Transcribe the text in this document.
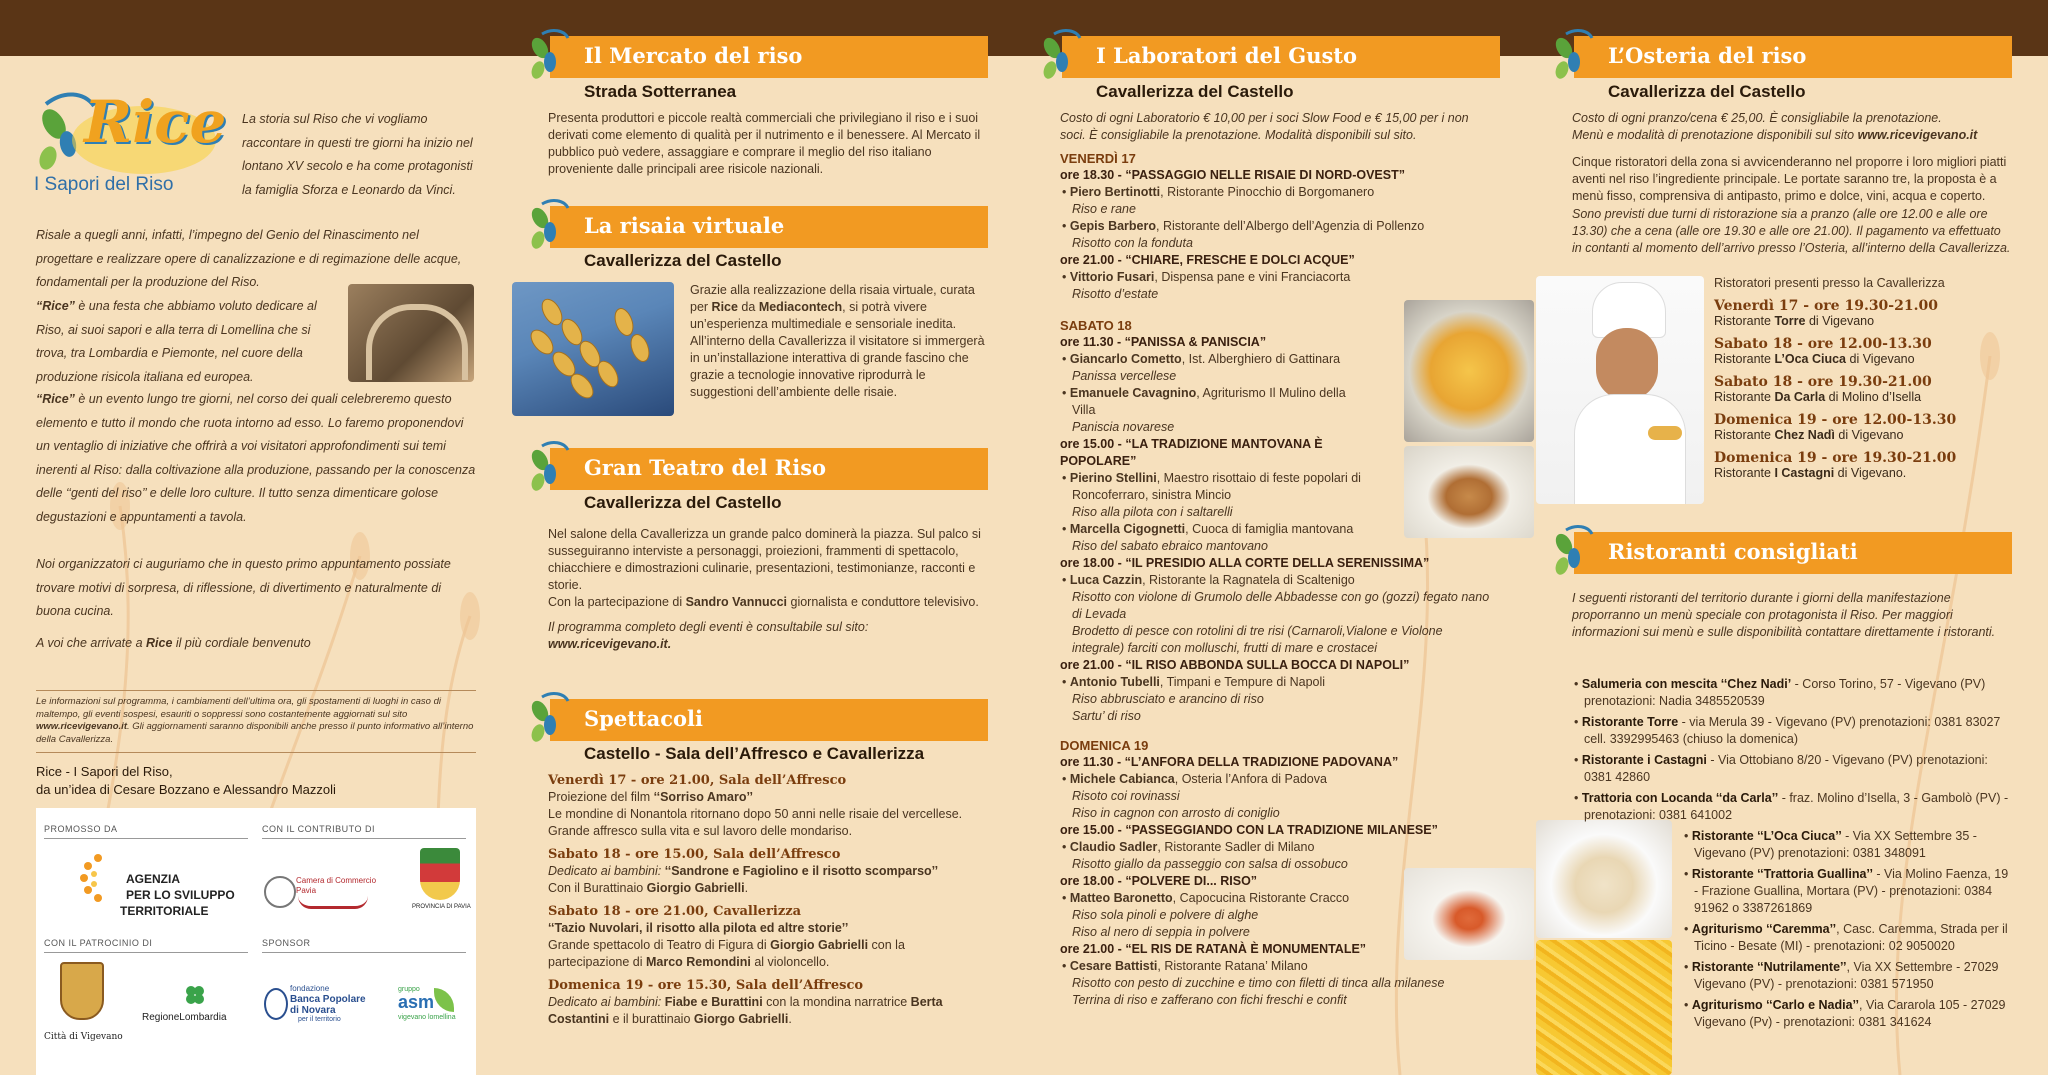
Rice
I Sapori del Riso
La storia sul Riso che vi vogliamo raccontare in questi tre giorni ha inizio nel lontano XV secolo e ha come protagonisti la famiglia Sforza e Leonardo da Vinci.
Risale a quegli anni, infatti, l’impegno del Genio del Rinascimento nel progettare e realizzare opere di canalizzazione e di regimazione delle acque, fondamentali per la produzione del Riso.
“Rice” è una festa che abbiamo voluto dedicare al Riso, ai suoi sapori e alla terra di Lomellina che si trova, tra Lombardia e Piemonte, nel cuore della produzione risicola italiana ed europea.
“Rice” è un evento lungo tre giorni, nel corso dei quali celebreremo questo elemento e tutto il mondo che ruota intorno ad esso. Lo faremo proponendovi un ventaglio di iniziative che offrirà a voi visitatori approfondimenti sui temi inerenti al Riso: dalla coltivazione alla produzione, passando per la conoscenza delle ‘‘genti del riso’’ e delle loro culture. Il tutto senza dimenticare golose degustazioni e appuntamenti a tavola.
Noi organizzatori ci auguriamo che in questo primo appuntamento possiate trovare motivi di sorpresa, di riflessione, di divertimento e naturalmente di buona cucina.
A voi che arrivate a Rice il più cordiale benvenuto
Le informazioni sul programma, i cambiamenti dell’ultima ora, gli spostamenti di luoghi in caso di maltempo, gli eventi sospesi, esauriti o soppressi sono costantemente aggiornati sul sito www.ricevigevano.it. Gli aggiornamenti saranno disponibili anche presso il punto informativo all’interno della Cavallerizza.
Rice - I Sapori del Riso,
da un’idea di Cesare Bozzano e Alessandro Mazzoli
PROMOSSO DA	CON IL CONTRIBUTO DI
AGENZIA
PER LO SVILUPPO
TERRITORIALE
Camera di Commercio
Pavia
PROVINCIA DI PAVIA
CON IL PATROCINIO DI	SPONSOR
Città di Vigevano
RegioneLombardia
fondazione
Banca Popolare
di Novara
per il territorio
gruppo
asm
vigevano lomellina
Il Mercato del riso
Strada Sotterranea
Presenta produttori e piccole realtà commerciali che privilegiano il riso e i suoi derivati come elemento di qualità per il nutrimento e il benessere. Al Mercato il pubblico può vedere, assaggiare e comprare il meglio del riso italiano proveniente dalle principali aree risicole nazionali.
La risaia virtuale
Cavallerizza del Castello
Grazie alla realizzazione della risaia virtuale, curata per Rice da Mediacontech, si potrà vivere un’esperienza multimediale e sensoriale inedita. All’interno della Cavallerizza il visitatore si immergerà in un’installazione interattiva di grande fascino che grazie a tecnologie innovative riprodurrà le suggestioni dell’ambiente delle risaie.
Gran Teatro del Riso
Cavallerizza del Castello
Nel salone della Cavallerizza un grande palco dominerà la piazza. Sul palco si susseguiranno interviste a personaggi, proiezioni, frammenti di spettacolo, chiacchiere e dimostrazioni culinarie, presentazioni, testimonianze, racconti e storie.
Con la partecipazione di Sandro Vannucci giornalista e conduttore televisivo.
Il programma completo degli eventi è consultabile sul sito:
www.ricevigevano.it.
Spettacoli
Castello - Sala dell’Affresco e Cavallerizza
Venerdì 17 - ore 21.00, Sala dell’Affresco
Proiezione del film ‘‘Sorriso Amaro’’
Le mondine di Nonantola ritornano dopo 50 anni nelle risaie del vercellese. Grande affresco sulla vita e sul lavoro delle mondariso.
Sabato 18 - ore 15.00, Sala dell’Affresco
Dedicato ai bambini: ‘‘Sandrone e Fagiolino e il risotto scomparso’’
Con il Burattinaio Giorgio Gabrielli.
Sabato 18 - ore 21.00, Cavallerizza
‘‘Tazio Nuvolari, il risotto alla pilota ed altre storie’’
Grande spettacolo di Teatro di Figura di Giorgio Gabrielli con la partecipazione di Marco Remondini al violoncello.
Domenica 19 - ore 15.30, Sala dell’Affresco
Dedicato ai bambini: Fiabe e Burattini con la mondina narratrice Berta Costantini e il burattinaio Giorgo Gabrielli.
I Laboratori del Gusto
Cavallerizza del Castello
Costo di ogni Laboratorio € 10,00 per i soci Slow Food e € 15,00 per i non soci. È consigliabile la prenotazione. Modalità disponibili sul sito.
VENERDÌ 17
ore 18.30 - “PASSAGGIO NELLE RISAIE DI NORD-OVEST”
• Piero Bertinotti, Ristorante Pinocchio di Borgomanero
Riso e rane
• Gepis Barbero, Ristorante dell’Albergo dell’Agenzia di Pollenzo
Risotto con la fonduta
ore 21.00 - “CHIARE, FRESCHE E DOLCI ACQUE”
• Vittorio Fusari, Dispensa pane e vini Franciacorta
Risotto d’estate
SABATO 18
ore 11.30 - “PANISSA & PANISCIA”
• Giancarlo Cometto, Ist. Alberghiero di Gattinara
Panissa vercellese
• Emanuele Cavagnino, Agriturismo Il Mulino della Villa
Paniscia novarese
ore 15.00 - “LA TRADIZIONE MANTOVANA È POPOLARE”
• Pierino Stellini, Maestro risottaio di feste popolari di Roncoferraro, sinistra Mincio
Riso alla pilota con i saltarelli
• Marcella Cigognetti, Cuoca di famiglia mantovana
Riso del sabato ebraico mantovano
ore 18.00 - “IL PRESIDIO ALLA CORTE DELLA SERENISSIMA”
• Luca Cazzin, Ristorante la Ragnatela di Scaltenigo
Risotto con violone di Grumolo delle Abbadesse con go (gozzi) fegato nano di Levada
Brodetto di pesce con rotolini di tre risi (Carnaroli,Vialone e Violone integrale) farciti con molluschi, frutti di mare e crostacei
ore 21.00 - “IL RISO ABBONDA SULLA BOCCA DI NAPOLI”
• Antonio Tubelli, Timpani e Tempure di Napoli
Riso abbrusciato e arancino di riso
Sartu’ di riso
DOMENICA 19
ore 11.30 - “L’ANFORA DELLA TRADIZIONE PADOVANA”
• Michele Cabianca, Osteria l’Anfora di Padova
Risoto coi rovinassi
Riso in cagnon con arrosto di coniglio
ore 15.00 - “PASSEGGIANDO CON LA TRADIZIONE MILANESE”
• Claudio Sadler, Ristorante Sadler di Milano
Risotto giallo da passeggio con salsa di ossobuco
ore 18.00 - “POLVERE DI... RISO”
• Matteo Baronetto, Capocucina Ristorante Cracco
Riso sola pinoli e polvere di alghe
Riso al nero di seppia in polvere
ore 21.00 - “EL RIS DE RATANÀ È MONUMENTALE”
• Cesare Battisti, Ristorante Ratana’ Milano
Risotto con pesto di zucchine e timo con filetti di tinca alla milanese
Terrina di riso e zafferano con fichi freschi e confit
L’Osteria del riso
Cavallerizza del Castello
Costo di ogni pranzo/cena € 25,00. È consigliabile la prenotazione.
Menù e modalità di prenotazione disponibili sul sito www.ricevigevano.it
Cinque ristoratori della zona si avvicenderanno nel proporre i loro migliori piatti aventi nel riso l’ingrediente principale. Le portate saranno tre, la proposta è a menù fisso, comprensiva di antipasto, primo e dolce, vini, acqua e coperto.
Sono previsti due turni di ristorazione sia a pranzo (alle ore 12.00 e alle ore 13.30) che a cena (alle ore 19.30 e alle ore 21.00). Il pagamento va effettuato in contanti al momento dell’arrivo presso l’Osteria, all’interno della Cavallerizza.
Ristoratori presenti presso la Cavallerizza
Venerdì 17 - ore 19.30-21.00
Ristorante Torre di Vigevano
Sabato 18 - ore 12.00-13.30
Ristorante L’Oca Ciuca di Vigevano
Sabato 18 - ore 19.30-21.00
Ristorante Da Carla di Molino d’Isella
Domenica 19 - ore 12.00-13.30
Ristorante Chez Nadì di Vigevano
Domenica 19 - ore 19.30-21.00
Ristorante I Castagni di Vigevano.
Ristoranti consigliati
I seguenti ristoranti del territorio durante i giorni della manifestazione proporranno un menù speciale con protagonista il Riso. Per maggiori informazioni sui menù e sulle disponibilità contattare direttamente i ristoranti.
• Salumeria con mescita ‘‘Chez Nadi’ - Corso Torino, 57 - Vigevano (PV) prenotazioni: Nadia 3485520539
• Ristorante Torre - via Merula 39 - Vigevano (PV) prenotazioni: 0381 83027 cell. 3392995463 (chiuso la domenica)
• Ristorante i Castagni - Via Ottobiano 8/20 - Vigevano (PV) prenotazioni: 0381 42860
• Trattoria con Locanda ‘‘da Carla’’ - fraz. Molino d’Isella, 3 - Gambolò (PV) - prenotazioni: 0381 641002
• Ristorante ‘‘L’Oca Ciuca’’ - Via XX Settembre 35 - Vigevano (PV) prenotazioni: 0381 348091
• Ristorante ‘‘Trattoria Guallina’’ - Via Molino Faenza, 19 - Frazione Guallina, Mortara (PV) - prenotazioni: 0384 91962 o 3387261869
• Agriturismo ‘‘Caremma’’, Casc. Caremma, Strada per il Ticino - Besate (MI) - prenotazioni: 02 9050020
• Ristorante ‘‘Nutrilamente’’, Via XX Settembre - 27029 Vigevano (PV) - prenotazioni: 0381 571950
• Agriturismo ‘‘Carlo e Nadia’’, Via Cararola 105 - 27029 Vigevano (Pv) - prenotazioni: 0381 341624
